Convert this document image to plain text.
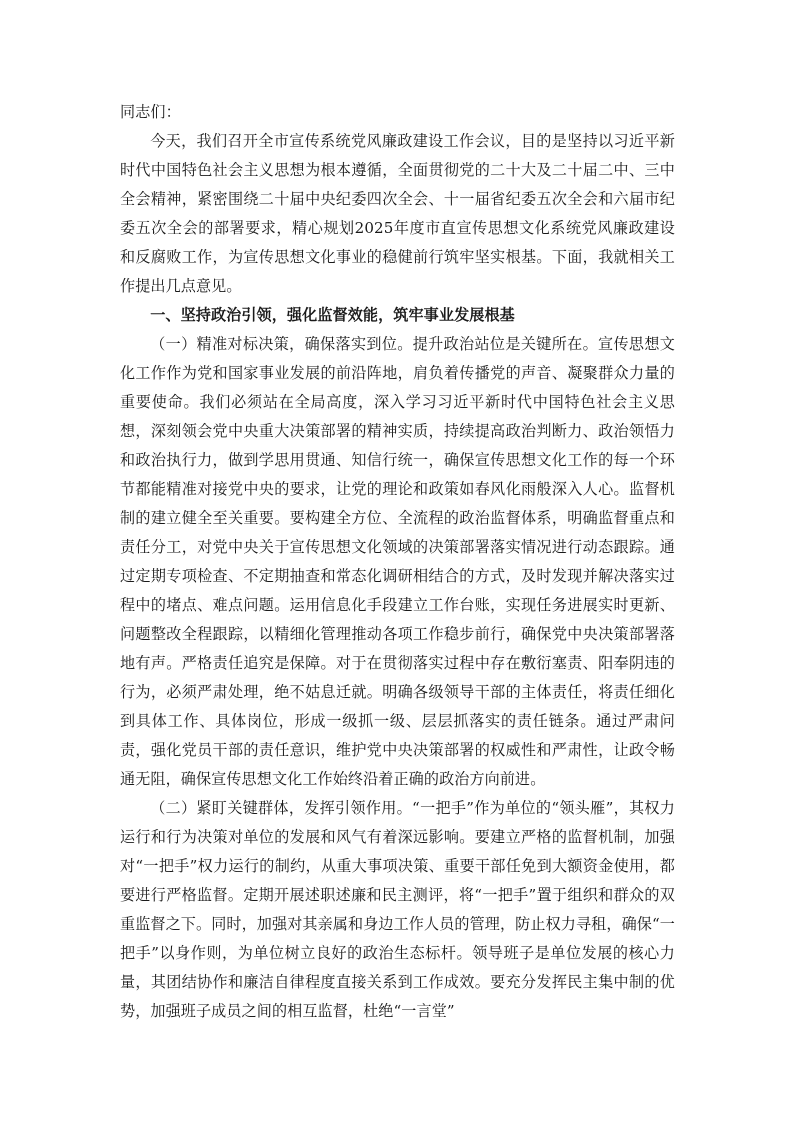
同志们：

今天，我们召开全市宣传系统党风廉政建设工作会议，目的是坚持以习近平新时代中国特色社会主义思想为根本遵循，全面贯彻党的二十大及二十届二中、三中全会精神，紧密围绕二十届中央纪委四次全会、十一届省纪委五次全会和六届市纪委五次全会的部署要求，精心规划2025年度市直宣传思想文化系统党风廉政建设和反腐败工作，为宣传思想文化事业的稳健前行筑牢坚实根基。下面，我就相关工作提出几点意见。

一、坚持政治引领，强化监督效能，筑牢事业发展根基

（一）精准对标决策，确保落实到位。提升政治站位是关键所在。宣传思想文化工作作为党和国家事业发展的前沿阵地，肩负着传播党的声音、凝聚群众力量的重要使命。我们必须站在全局高度，深入学习习近平新时代中国特色社会主义思想，深刻领会党中央重大决策部署的精神实质，持续提高政治判断力、政治领悟力和政治执行力，做到学思用贯通、知信行统一，确保宣传思想文化工作的每一个环节都能精准对接党中央的要求，让党的理论和政策如春风化雨般深入人心。监督机制的建立健全至关重要。要构建全方位、全流程的政治监督体系，明确监督重点和责任分工，对党中央关于宣传思想文化领域的决策部署落实情况进行动态跟踪。通过定期专项检查、不定期抽查和常态化调研相结合的方式，及时发现并解决落实过程中的堵点、难点问题。运用信息化手段建立工作台账，实现任务进展实时更新、问题整改全程跟踪，以精细化管理推动各项工作稳步前行，确保党中央决策部署落地有声。严格责任追究是保障。对于在贯彻落实过程中存在敷衍塞责、阳奉阴违的行为，必须严肃处理，绝不姑息迁就。明确各级领导干部的主体责任，将责任细化到具体工作、具体岗位，形成一级抓一级、层层抓落实的责任链条。通过严肃问责，强化党员干部的责任意识，维护党中央决策部署的权威性和严肃性，让政令畅通无阻，确保宣传思想文化工作始终沿着正确的政治方向前进。

（二）紧盯关键群体，发挥引领作用。“一把手”作为单位的“领头雁”，其权力运行和行为决策对单位的发展和风气有着深远影响。要建立严格的监督机制，加强对“一把手”权力运行的制约，从重大事项决策、重要干部任免到大额资金使用，都要进行严格监督。定期开展述职述廉和民主测评，将“一把手”置于组织和群众的双重监督之下。同时，加强对其亲属和身边工作人员的管理，防止权力寻租，确保“一把手”以身作则，为单位树立良好的政治生态标杆。领导班子是单位发展的核心力量，其团结协作和廉洁自律程度直接关系到工作成效。要充分发挥民主集中制的优势，加强班子成员之间的相互监督，杜绝“一言堂”
